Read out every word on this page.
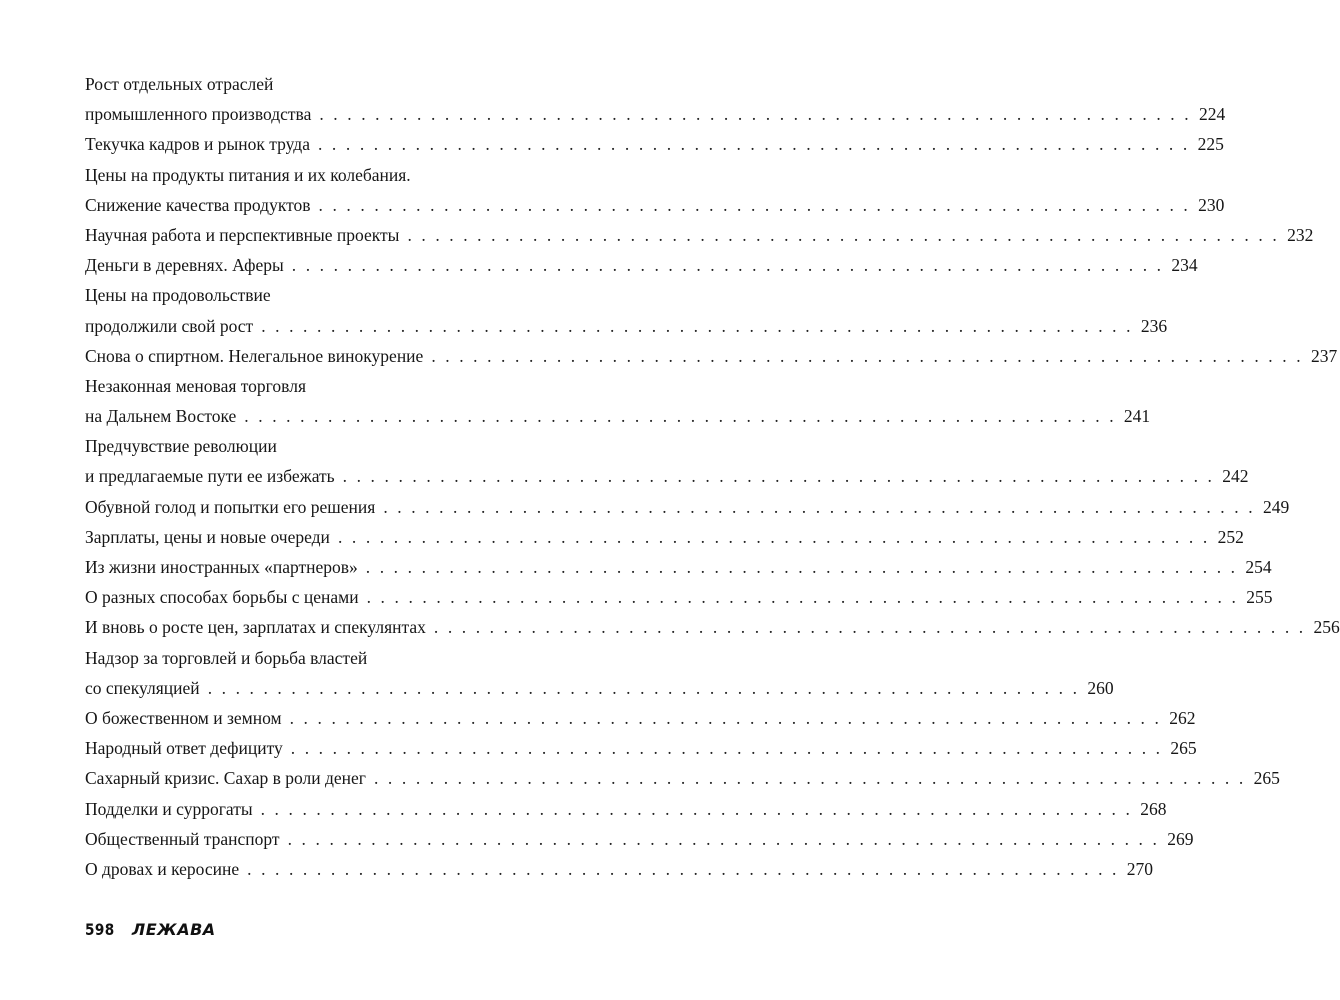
Рост отдельных отраслей
промышленного производства . . . . . . . . . . . . . . . . . . . . . . . . . . . . . . . . . . . . . . . . . . . . . . . . . . . . . . . . . . . . . . . 224
Текучка кадров и рынок труда . . . . . . . . . . . . . . . . . . . . . . . . . . . . . . . . . . . . . . . . . . . . . . . . . . . . . . . . . . . . . . . 225
Цены на продукты питания и их колебания.
Снижение качества продуктов . . . . . . . . . . . . . . . . . . . . . . . . . . . . . . . . . . . . . . . . . . . . . . . . . . . . . . . . . . . . . . . 230
Научная работа и перспективные проекты . . . . . . . . . . . . . . . . . . . . . . . . . . . . . . . . . . . . . . . . . . . . . . . . . . . . . . . . . . . . . . . 232
Деньги в деревнях. Аферы . . . . . . . . . . . . . . . . . . . . . . . . . . . . . . . . . . . . . . . . . . . . . . . . . . . . . . . . . . . . . . . 234
Цены на продовольствие
продолжили свой рост . . . . . . . . . . . . . . . . . . . . . . . . . . . . . . . . . . . . . . . . . . . . . . . . . . . . . . . . . . . . . . . 236
Снова о спиртном. Нелегальное винокурение . . . . . . . . . . . . . . . . . . . . . . . . . . . . . . . . . . . . . . . . . . . . . . . . . . . . . . . . . . . . . . . 237
Незаконная меновая торговля
на Дальнем Востоке . . . . . . . . . . . . . . . . . . . . . . . . . . . . . . . . . . . . . . . . . . . . . . . . . . . . . . . . . . . . . . . 241
Предчувствие революции
и предлагаемые пути ее избежать . . . . . . . . . . . . . . . . . . . . . . . . . . . . . . . . . . . . . . . . . . . . . . . . . . . . . . . . . . . . . . . 242
Обувной голод и попытки его решения . . . . . . . . . . . . . . . . . . . . . . . . . . . . . . . . . . . . . . . . . . . . . . . . . . . . . . . . . . . . . . . 249
Зарплаты, цены и новые очереди . . . . . . . . . . . . . . . . . . . . . . . . . . . . . . . . . . . . . . . . . . . . . . . . . . . . . . . . . . . . . . . 252
Из жизни иностранных «партнеров» . . . . . . . . . . . . . . . . . . . . . . . . . . . . . . . . . . . . . . . . . . . . . . . . . . . . . . . . . . . . . . . 254
О разных способах борьбы с ценами . . . . . . . . . . . . . . . . . . . . . . . . . . . . . . . . . . . . . . . . . . . . . . . . . . . . . . . . . . . . . . . 255
И вновь о росте цен, зарплатах и спекулянтах . . . . . . . . . . . . . . . . . . . . . . . . . . . . . . . . . . . . . . . . . . . . . . . . . . . . . . . . . . . . . . . 256
Надзор за торговлей и борьба властей
со спекуляцией . . . . . . . . . . . . . . . . . . . . . . . . . . . . . . . . . . . . . . . . . . . . . . . . . . . . . . . . . . . . . . . 260
О божественном и земном . . . . . . . . . . . . . . . . . . . . . . . . . . . . . . . . . . . . . . . . . . . . . . . . . . . . . . . . . . . . . . . 262
Народный ответ дефициту . . . . . . . . . . . . . . . . . . . . . . . . . . . . . . . . . . . . . . . . . . . . . . . . . . . . . . . . . . . . . . . 265
Сахарный кризис. Сахар в роли денег . . . . . . . . . . . . . . . . . . . . . . . . . . . . . . . . . . . . . . . . . . . . . . . . . . . . . . . . . . . . . . . 265
Подделки и суррогаты . . . . . . . . . . . . . . . . . . . . . . . . . . . . . . . . . . . . . . . . . . . . . . . . . . . . . . . . . . . . . . . 268
Общественный транспорт . . . . . . . . . . . . . . . . . . . . . . . . . . . . . . . . . . . . . . . . . . . . . . . . . . . . . . . . . . . . . . . 269
О дровах и керосине . . . . . . . . . . . . . . . . . . . . . . . . . . . . . . . . . . . . . . . . . . . . . . . . . . . . . . . . . . . . . . . 270
598 ЛЕЖАВА
